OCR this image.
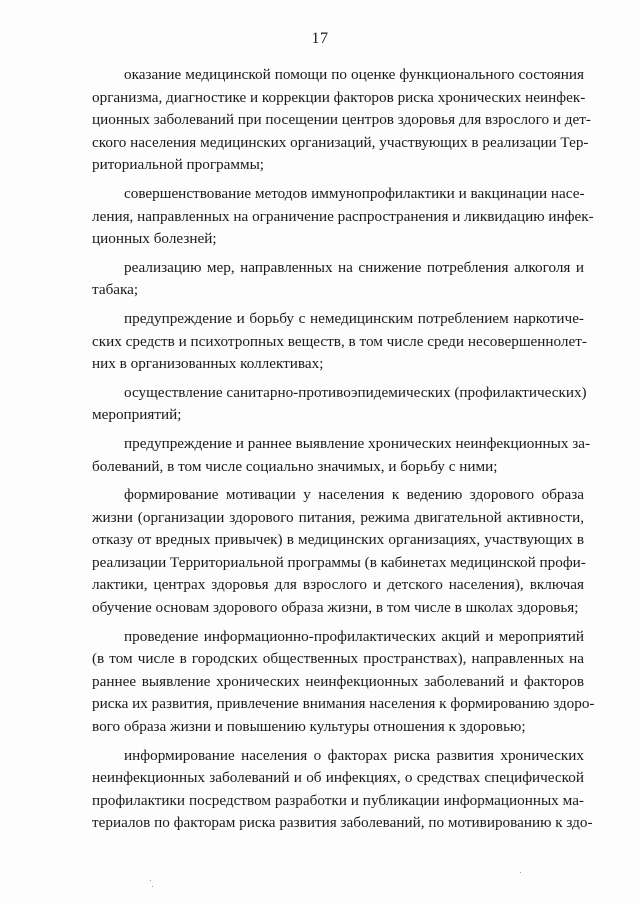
17
оказание медицинской помощи по оценке функционального состояния
организма, диагностике и коррекции факторов риска хронических неинфек-
ционных заболеваний при посещении центров здоровья для взрослого и дет-
ского населения медицинских организаций, участвующих в реализации Тер-
риториальной программы;
совершенствование методов иммунопрофилактики и вакцинации насе-
ления, направленных на ограничение распространения и ликвидацию инфек-
ционных болезней;
реализацию мер, направленных на снижение потребления алкоголя и
табака;
предупреждение и борьбу с немедицинским потреблением наркотиче-
ских средств и психотропных веществ, в том числе среди несовершеннолет-
них в организованных коллективах;
осуществление санитарно-противоэпидемических (профилактических)
мероприятий;
предупреждение и раннее выявление хронических неинфекционных за-
болеваний, в том числе социально значимых, и борьбу с ними;
формирование мотивации у населения к ведению здорового образа
жизни (организации здорового питания, режима двигательной активности,
отказу от вредных привычек) в медицинских организациях, участвующих в
реализации Территориальной программы (в кабинетах медицинской профи-
лактики, центрах здоровья для взрослого и детского населения), включая
обучение основам здорового образа жизни, в том числе в школах здоровья;
проведение информационно-профилактических акций и мероприятий
(в том числе в городских общественных пространствах), направленных на
раннее выявление хронических неинфекционных заболеваний и факторов
риска их развития, привлечение внимания населения к формированию здоро-
вого образа жизни и повышению культуры отношения к здоровью;
информирование населения о факторах риска развития хронических
неинфекционных заболеваний и об инфекциях, о средствах специфической
профилактики посредством разработки и публикации информационных ма-
териалов по факторам риска развития заболеваний, по мотивированию к здо-
